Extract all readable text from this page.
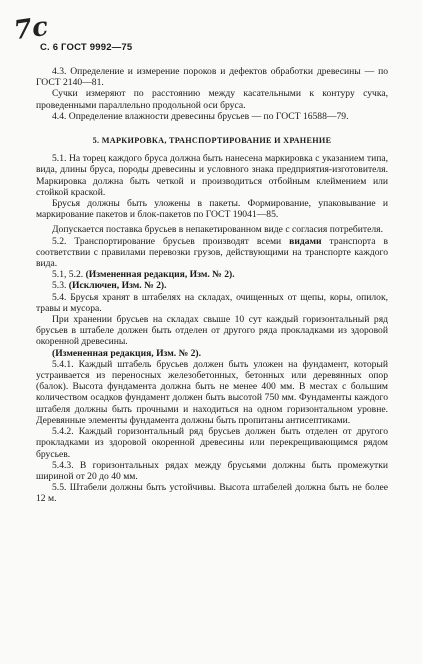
7с
С. 6 ГОСТ 9992—75

4.3. Определение и измерение пороков и дефектов обработки древесины — по ГОСТ 2140—81.

Сучки измеряют по расстоянию между касательными к контуру сучка, проведенными параллельно продольной оси бруса.

4.4. Определение влажности древесины брусьев — по ГОСТ 16588—79.

5. МАРКИРОВКА, ТРАНСПОРТИРОВАНИЕ И ХРАНЕНИЕ

5.1. На торец каждого бруса должна быть нанесена маркировка с указанием типа, вида, длины бруса, породы древесины и условного знака предприятия-изготовителя. Маркировка должна быть четкой и производиться отбойным клеймением или стойкой краской.

Брусья должны быть уложены в пакеты. Формирование, упаковывание и маркирование пакетов и блок-пакетов по ГОСТ 19041—85.

Допускается поставка брусьев в непакетированном виде с согласия потребителя.

5.2. Транспортирование брусьев производят всеми видами транспорта в соответствии с правилами перевозки грузов, действующими на транспорте каждого вида.

5.1, 5.2. (Измененная редакция, Изм. № 2).

5.3. (Исключен, Изм. № 2).

5.4. Брусья хранят в штабелях на складах, очищенных от щепы, коры, опилок, травы и мусора.

При хранении брусьев на складах свыше 10 сут каждый горизонтальный ряд брусьев в штабеле должен быть отделен от другого ряда прокладками из здоровой окоренной древесины.

(Измененная редакция, Изм. № 2).

5.4.1. Каждый штабель брусьев должен быть уложен на фундамент, который устраивается из переносных железобетонных, бетонных или деревянных опор (балок). Высота фундамента должна быть не менее 400 мм. В местах с большим количеством осадков фундамент должен быть высотой 750 мм. Фундаменты каждого штабеля должны быть прочными и находиться на одном горизонтальном уровне. Деревянные элементы фундамента должны быть пропитаны антисептиками.

5.4.2. Каждый горизонтальный ряд брусьев должен быть отделен от другого прокладками из здоровой окоренной древесины или перекрещивающимся рядом брусьев.

5.4.3. В горизонтальных рядах между брусьями должны быть промежутки шириной от 20 до 40 мм.

5.5. Штабели должны быть устойчивы. Высота штабелей должна быть не более 12 м.
